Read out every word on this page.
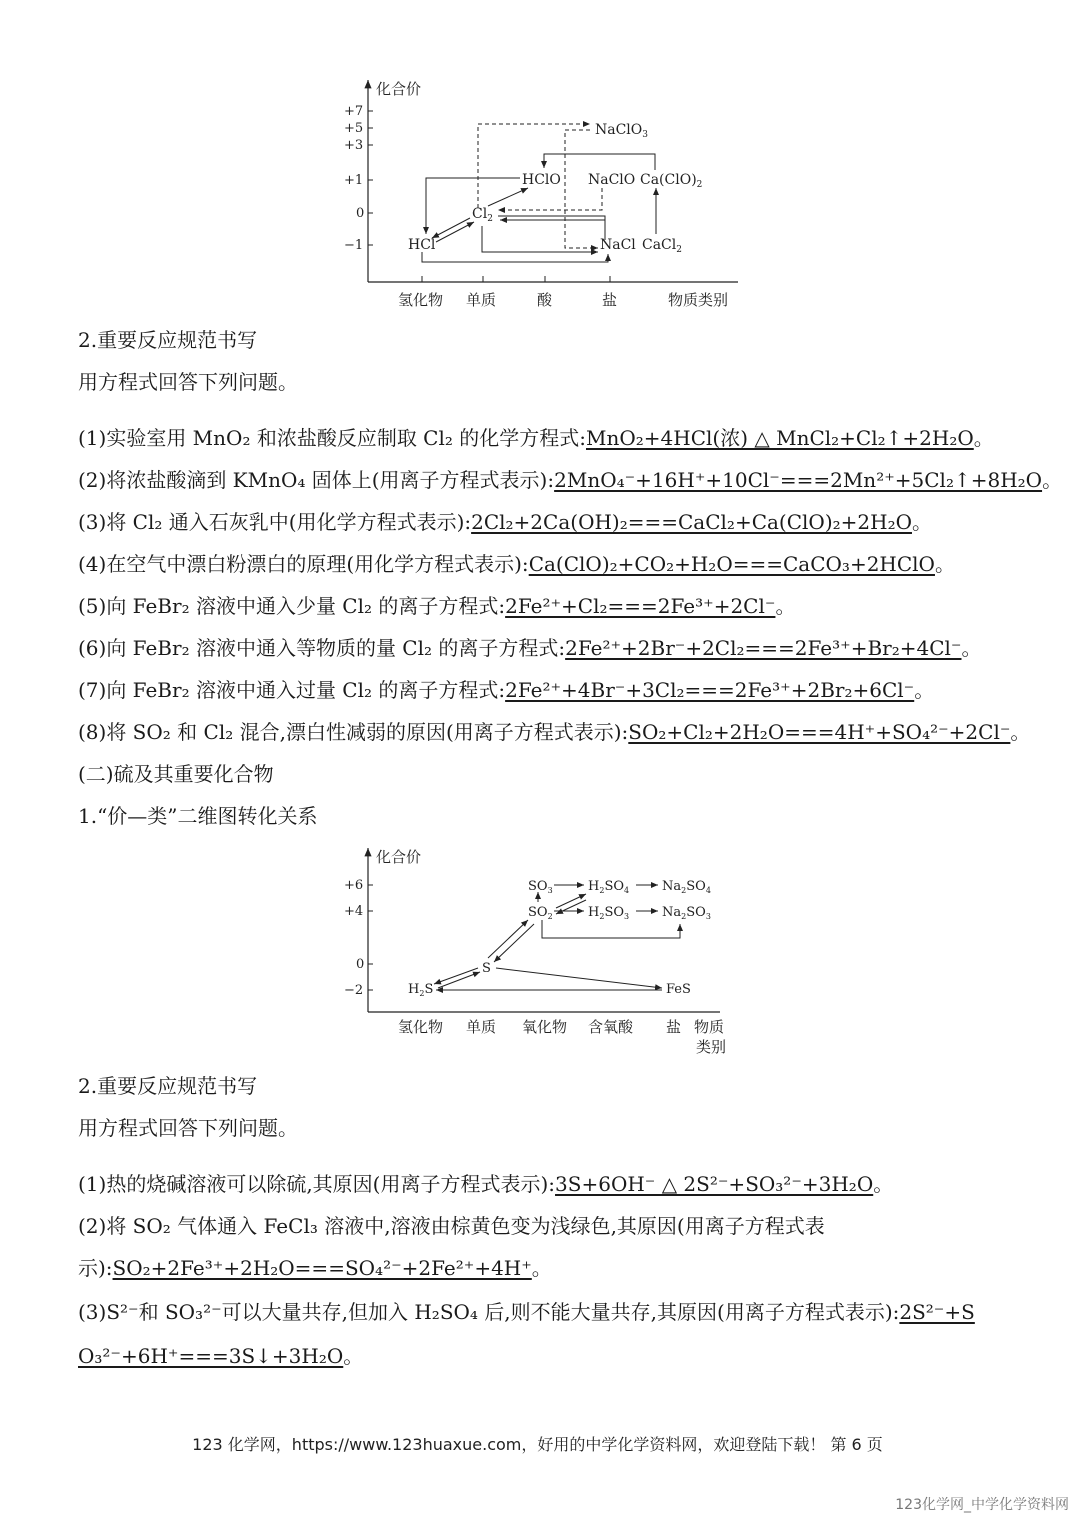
化合价
+7
+5
+3
+1
0
−1
氢化物 单质	酸	盐	物质类别
NaClO$_3$
HClO NaClO $Ca(ClO)_2$
$Cl_2$
HCl	NaCl CaCl$_2$
2.重要反应规范书写
用方程式回答下列问题。
(1)实验室用 MnO₂ 和浓盐酸反应制取 Cl₂ 的化学方程式:MnO₂+4HCl(浓) △ MnCl₂+Cl₂↑+2H₂O。
(2)将浓盐酸滴到 KMnO₄ 固体上(用离子方程式表示):2MnO₄⁻+16H⁺+10Cl⁻===2Mn²⁺+5Cl₂↑+8H₂O。
(3)将 Cl₂ 通入石灰乳中(用化学方程式表示):2Cl₂+2Ca(OH)₂===CaCl₂+Ca(ClO)₂+2H₂O。
(4)在空气中漂白粉漂白的原理(用化学方程式表示):Ca(ClO)₂+CO₂+H₂O===CaCO₃+2HClO。
(5)向 FeBr₂ 溶液中通入少量 Cl₂ 的离子方程式:2Fe²⁺+Cl₂===2Fe³⁺+2Cl⁻。
(6)向 FeBr₂ 溶液中通入等物质的量 Cl₂ 的离子方程式:2Fe²⁺+2Br⁻+2Cl₂===2Fe³⁺+Br₂+4Cl⁻。
(7)向 FeBr₂ 溶液中通入过量 Cl₂ 的离子方程式:2Fe²⁺+4Br⁻+3Cl₂===2Fe³⁺+2Br₂+6Cl⁻。
(8)将 SO₂ 和 Cl₂ 混合,漂白性减弱的原因(用离子方程式表示):SO₂+Cl₂+2H₂O===4H⁺+SO₄²⁻+2Cl⁻。
(二)硫及其重要化合物
1.“价—类”二维图转化关系
化合价
+6
+4
0
−2
氢化物 单质 氧化物 含氧酸 盐 物质
类别
$SO_3$	$H_2SO_4$	$Na_2SO_4$
$SO_2$	$H_2SO_3$	$Na_2SO_3$
S
$H_2S$	FeS
2.重要反应规范书写
用方程式回答下列问题。
(1)热的烧碱溶液可以除硫,其原因(用离子方程式表示):3S+6OH⁻ △ 2S²⁻+SO₃²⁻+3H₂O。
(2)将 SO₂ 气体通入 FeCl₃ 溶液中,溶液由棕黄色变为浅绿色,其原因(用离子方程式表
示):SO₂+2Fe³⁺+2H₂O===SO₄²⁻+2Fe²⁺+4H⁺。
(3)S²⁻和 SO₃²⁻可以大量共存,但加入 H₂SO₄ 后,则不能大量共存,其原因(用离子方程式表示):2S²⁻+S
O₃²⁻+6H⁺===3S↓+3H₂O。
123 化学网，https://www.123huaxue.com，好用的中学化学资料网，欢迎登陆下载！ 第 6 页
123化学网_中学化学资料网
